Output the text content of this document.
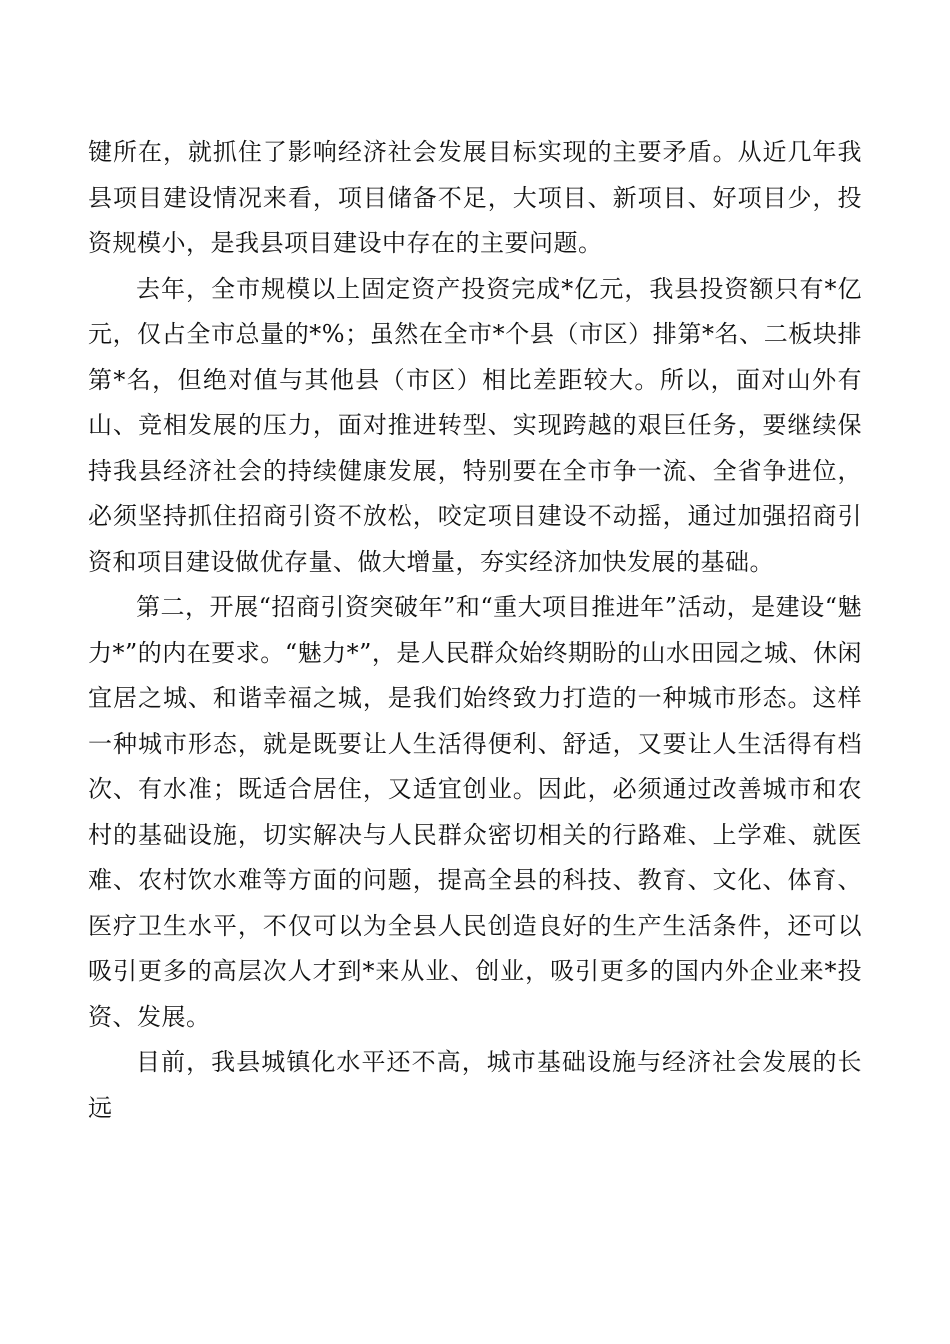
键所在，就抓住了影响经济社会发展目标实现的主要矛盾。从近几年我县项目建设情况来看，项目储备不足，大项目、新项目、好项目少，投资规模小，是我县项目建设中存在的主要问题。

去年，全市规模以上固定资产投资完成*亿元，我县投资额只有*亿元，仅占全市总量的*%；虽然在全市*个县（市区）排第*名、二板块排第*名，但绝对值与其他县（市区）相比差距较大。所以，面对山外有山、竞相发展的压力，面对推进转型、实现跨越的艰巨任务，要继续保持我县经济社会的持续健康发展，特别要在全市争一流、全省争进位，必须坚持抓住招商引资不放松，咬定项目建设不动摇，通过加强招商引资和项目建设做优存量、做大增量，夯实经济加快发展的基础。

第二，开展“招商引资突破年”和“重大项目推进年”活动，是建设“魅力*”的内在要求。“魅力*”，是人民群众始终期盼的山水田园之城、休闲宜居之城、和谐幸福之城，是我们始终致力打造的一种城市形态。这样一种城市形态，就是既要让人生活得便利、舒适，又要让人生活得有档次、有水准；既适合居住，又适宜创业。因此，必须通过改善城市和农村的基础设施，切实解决与人民群众密切相关的行路难、上学难、就医难、农村饮水难等方面的问题，提高全县的科技、教育、文化、体育、医疗卫生水平，不仅可以为全县人民创造良好的生产生活条件，还可以吸引更多的高层次人才到*来从业、创业，吸引更多的国内外企业来*投资、发展。

目前，我县城镇化水平还不高，城市基础设施与经济社会发展的长远
